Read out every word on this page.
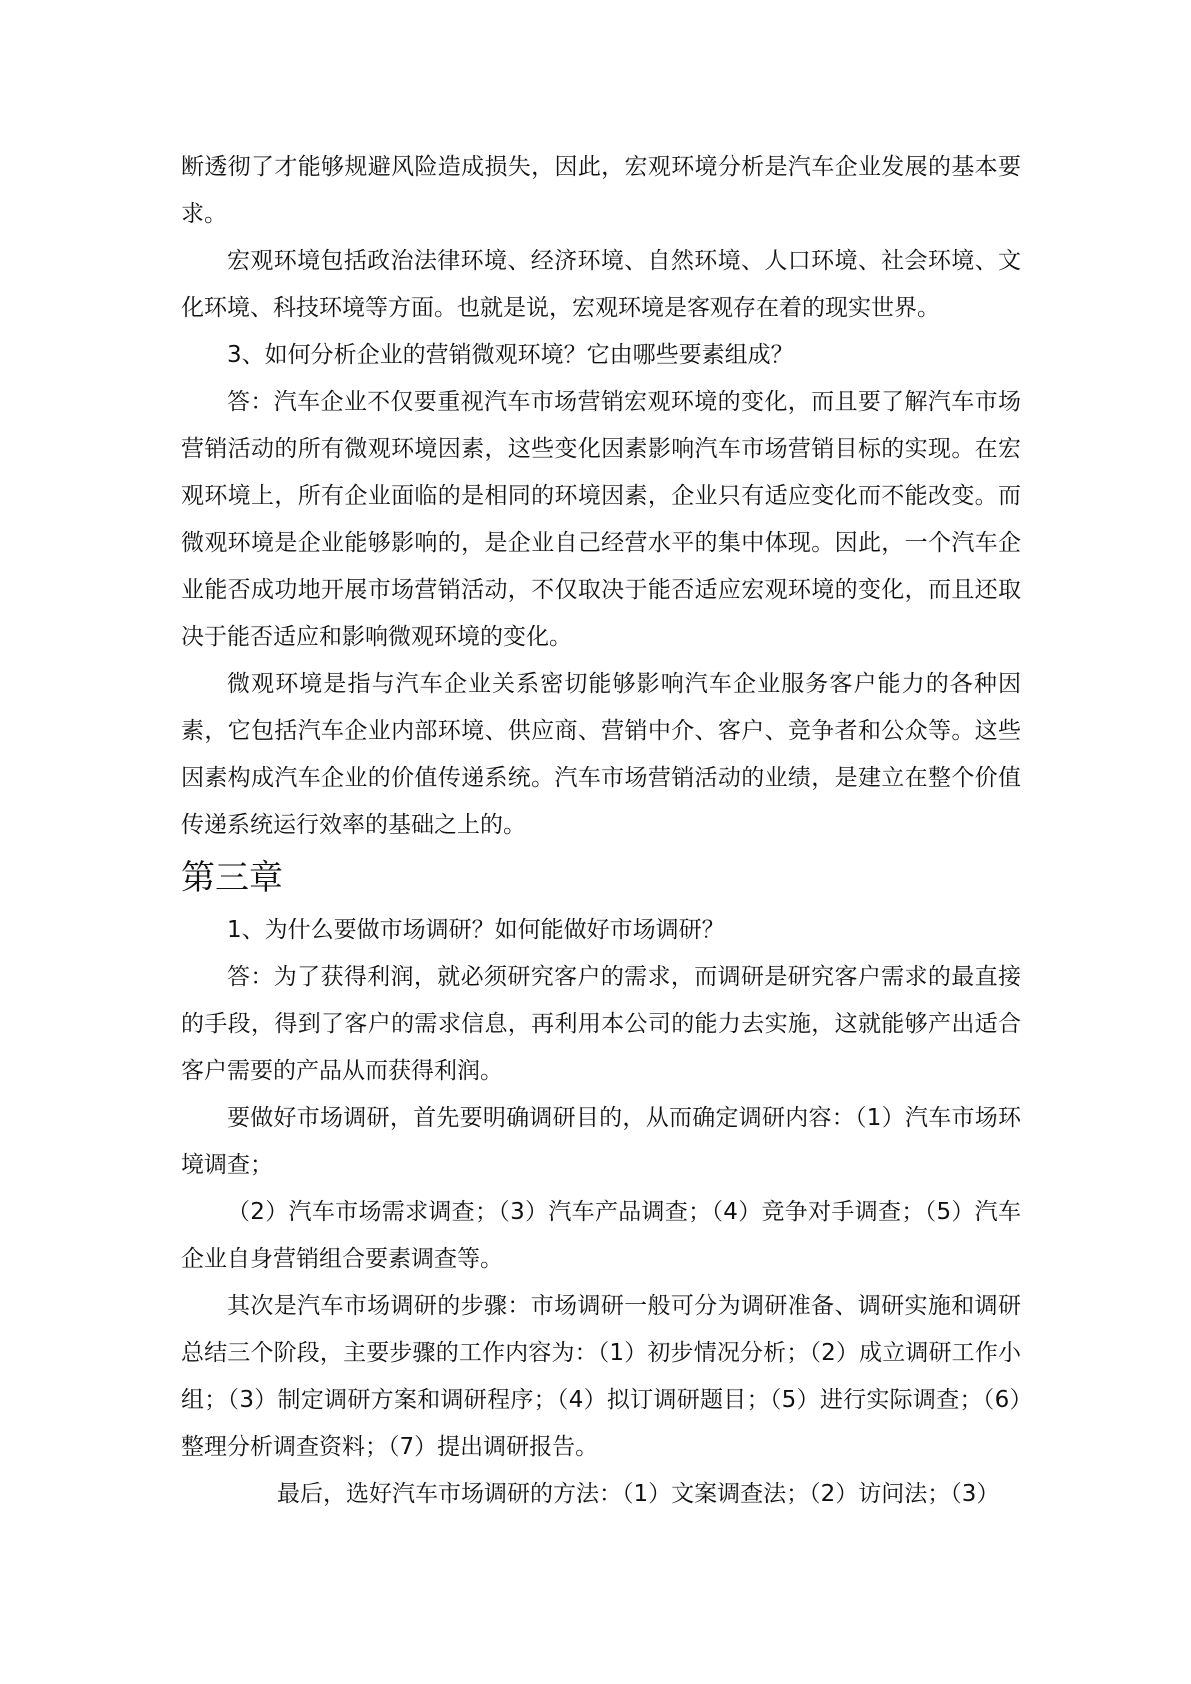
断透彻了才能够规避风险造成损失，因此，宏观环境分析是汽车企业发展的基本要求。

宏观环境包括政治法律环境、经济环境、自然环境、人口环境、社会环境、文化环境、科技环境等方面。也就是说，宏观环境是客观存在着的现实世界。

3、如何分析企业的营销微观环境？它由哪些要素组成？

答：汽车企业不仅要重视汽车市场营销宏观环境的变化，而且要了解汽车市场营销活动的所有微观环境因素，这些变化因素影响汽车市场营销目标的实现。在宏观环境上，所有企业面临的是相同的环境因素，企业只有适应变化而不能改变。而微观环境是企业能够影响的，是企业自己经营水平的集中体现。因此，一个汽车企业能否成功地开展市场营销活动，不仅取决于能否适应宏观环境的变化，而且还取决于能否适应和影响微观环境的变化。

微观环境是指与汽车企业关系密切能够影响汽车企业服务客户能力的各种因素，它包括汽车企业内部环境、供应商、营销中介、客户、竞争者和公众等。这些因素构成汽车企业的价值传递系统。汽车市场营销活动的业绩，是建立在整个价值传递系统运行效率的基础之上的。

第三章

1、为什么要做市场调研？如何能做好市场调研？

答：为了获得利润，就必须研究客户的需求，而调研是研究客户需求的最直接的手段，得到了客户的需求信息，再利用本公司的能力去实施，这就能够产出适合客户需要的产品从而获得利润。

要做好市场调研，首先要明确调研目的，从而确定调研内容：（1）汽车市场环境调查；

（2）汽车市场需求调查；（3）汽车产品调查；（4）竞争对手调查；（5）汽车企业自身营销组合要素调查等。

其次是汽车市场调研的步骤：市场调研一般可分为调研准备、调研实施和调研总结三个阶段，主要步骤的工作内容为：（1）初步情况分析；（2）成立调研工作小组；（3）制定调研方案和调研程序；（4）拟订调研题目；（5）进行实际调查；（6）整理分析调查资料；（7）提出调研报告。

最后，选好汽车市场调研的方法：（1）文案调查法；（2）访问法；（3）
